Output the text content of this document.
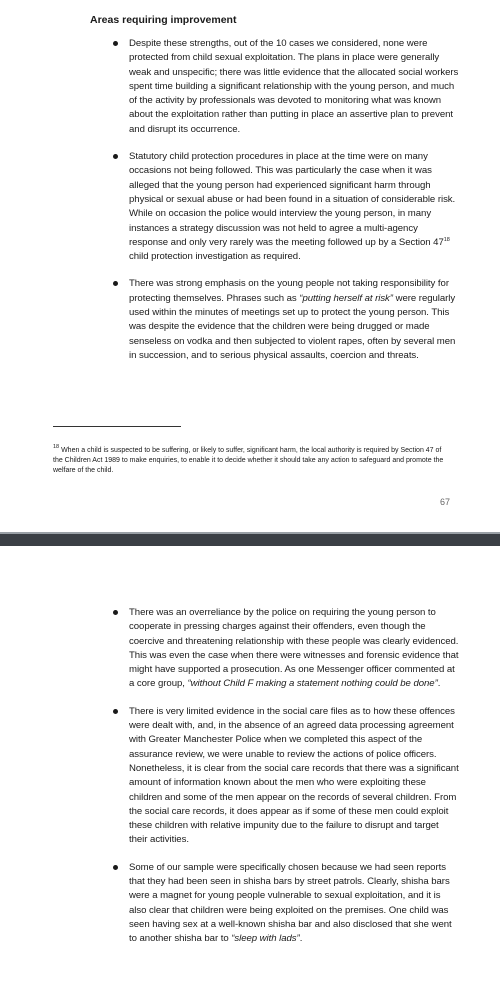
Areas requiring improvement
Despite these strengths, out of the 10 cases we considered, none were protected from child sexual exploitation. The plans in place were generally weak and unspecific; there was little evidence that the allocated social workers spent time building a significant relationship with the young person, and much of the activity by professionals was devoted to monitoring what was known about the exploitation rather than putting in place an assertive plan to prevent and disrupt its occurrence.
Statutory child protection procedures in place at the time were on many occasions not being followed. This was particularly the case when it was alleged that the young person had experienced significant harm through physical or sexual abuse or had been found in a situation of considerable risk. While on occasion the police would interview the young person, in many instances a strategy discussion was not held to agree a multi-agency response and only very rarely was the meeting followed up by a Section $47^{18}$ child protection investigation as required.
There was strong emphasis on the young people not taking responsibility for protecting themselves. Phrases such as “putting herself at risk” were regularly used within the minutes of meetings set up to protect the young person. This was despite the evidence that the children were being drugged or made senseless on vodka and then subjected to violent rapes, often by several men in succession, and to serious physical assaults, coercion and threats.

$^{18}$ When a child is suspected to be suffering, or likely to suffer, significant harm, the local authority is required by Section 47 of the Children Act 1989 to make enquiries, to enable it to decide whether it should take any action to safeguard and promote the welfare of the child.

67
There was an overreliance by the police on requiring the young person to cooperate in pressing charges against their offenders, even though the coercive and threatening relationship with these people was clearly evidenced. This was even the case when there were witnesses and forensic evidence that might have supported a prosecution. As one Messenger officer commented at a core group, “without Child F making a statement nothing could be done”.
There is very limited evidence in the social care files as to how these offences were dealt with, and, in the absence of an agreed data processing agreement with Greater Manchester Police when we completed this aspect of the assurance review, we were unable to review the actions of police officers. Nonetheless, it is clear from the social care records that there was a significant amount of information known about the men who were exploiting these children and some of the men appear on the records of several children. From the social care records, it does appear as if some of these men could exploit these children with relative impunity due to the failure to disrupt and target their activities.
Some of our sample were specifically chosen because we had seen reports that they had been seen in shisha bars by street patrols. Clearly, shisha bars were a magnet for young people vulnerable to sexual exploitation, and it is also clear that children were being exploited on the premises. One child was seen having sex at a well-known shisha bar and also disclosed that she went to another shisha bar to “sleep with lads”.
